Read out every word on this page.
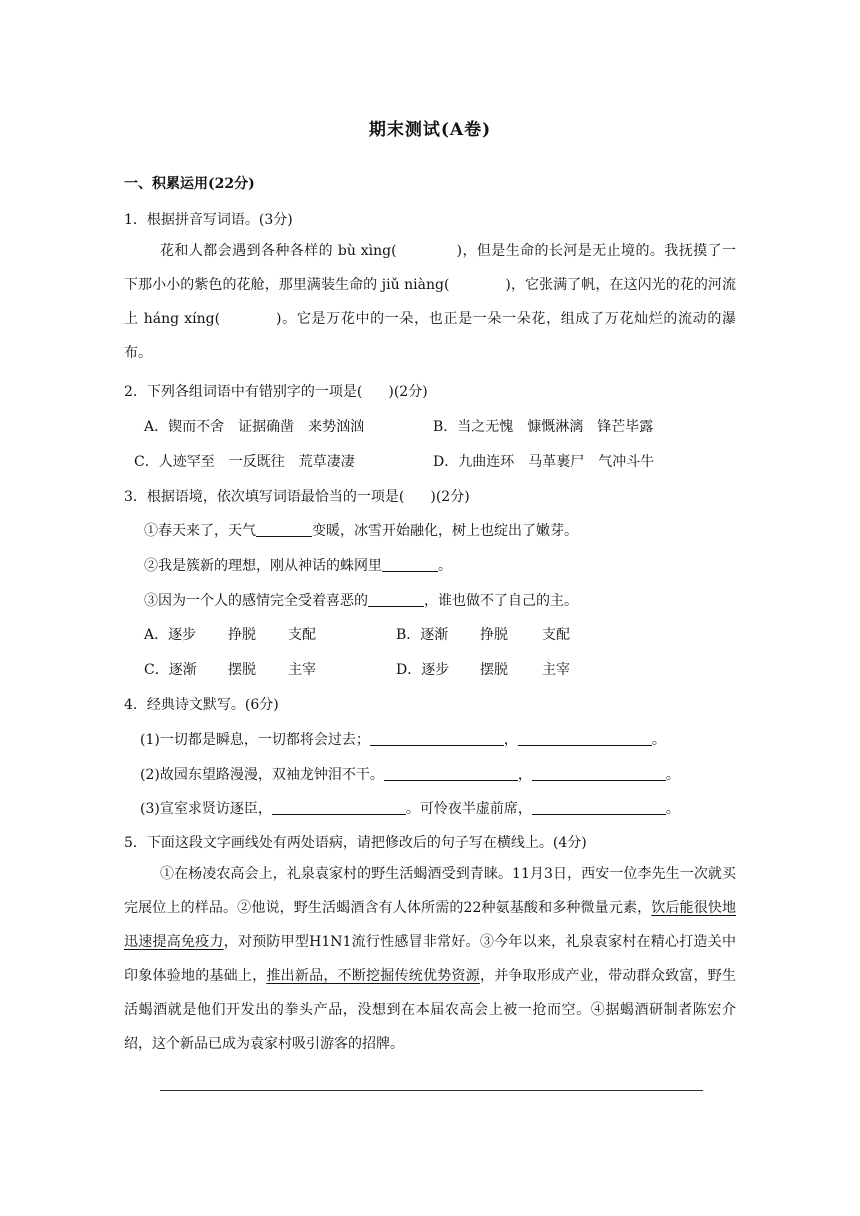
期末测试(A卷)
一、积累运用(22分)
1．根据拼音写词语。(3分)
花和人都会遇到各种各样的 bù xìng(	)，但是生命的长河是无止境的。我抚摸了一下那小小的紫色的花舱，那里满装生命的 jiǔ niàng(	)，它张满了帆，在这闪光的花的河流上 háng xíng(	)。它是万花中的一朵，也正是一朵一朵花，组成了万花灿烂的流动的瀑布。
2．下列各组词语中有错别字的一项是( )(2分)
A．锲而不舍　证据确凿　来势汹汹	B．当之无愧　慷慨淋漓　锋芒毕露
C．人迹罕至　一反既往　荒草凄凄	D．九曲连环　马革裹尸　气冲斗牛
3．根据语境，依次填写词语最恰当的一项是( )(2分)
①春天来了，天气	变暖，冰雪开始融化，树上也绽出了嫩芽。
②我是簇新的理想，刚从神话的蛛网里	。
③因为一个人的感情完全受着喜恶的	，谁也做不了自己的主。
A．逐步 挣脱 支配	B．逐渐 挣脱 支配
C．逐渐 摆脱 主宰	D．逐步 摆脱 主宰
4．经典诗文默写。(6分)
(1)一切都是瞬息，一切都将会过去；	，	。
(2)故园东望路漫漫，双袖龙钟泪不干。	，	。
(3)宣室求贤访逐臣，	。可怜夜半虚前席，	。
5．下面这段文字画线处有两处语病，请把修改后的句子写在横线上。(4分)
①在杨凌农高会上，礼泉袁家村的野生活蝎酒受到青睐。11月3日，西安一位李先生一次就买完展位上的样品。②他说，野生活蝎酒含有人体所需的22种氨基酸和多种微量元素，饮后能很快地迅速提高免疫力，对预防甲型H1N1流行性感冒非常好。③今年以来，礼泉袁家村在精心打造关中印象体验地的基础上，推出新品，不断挖掘传统优势资源，并争取形成产业，带动群众致富，野生活蝎酒就是他们开发出的拳头产品，没想到在本届农高会上被一抢而空。④据蝎酒研制者陈宏介绍，这个新品已成为袁家村吸引游客的招牌。
